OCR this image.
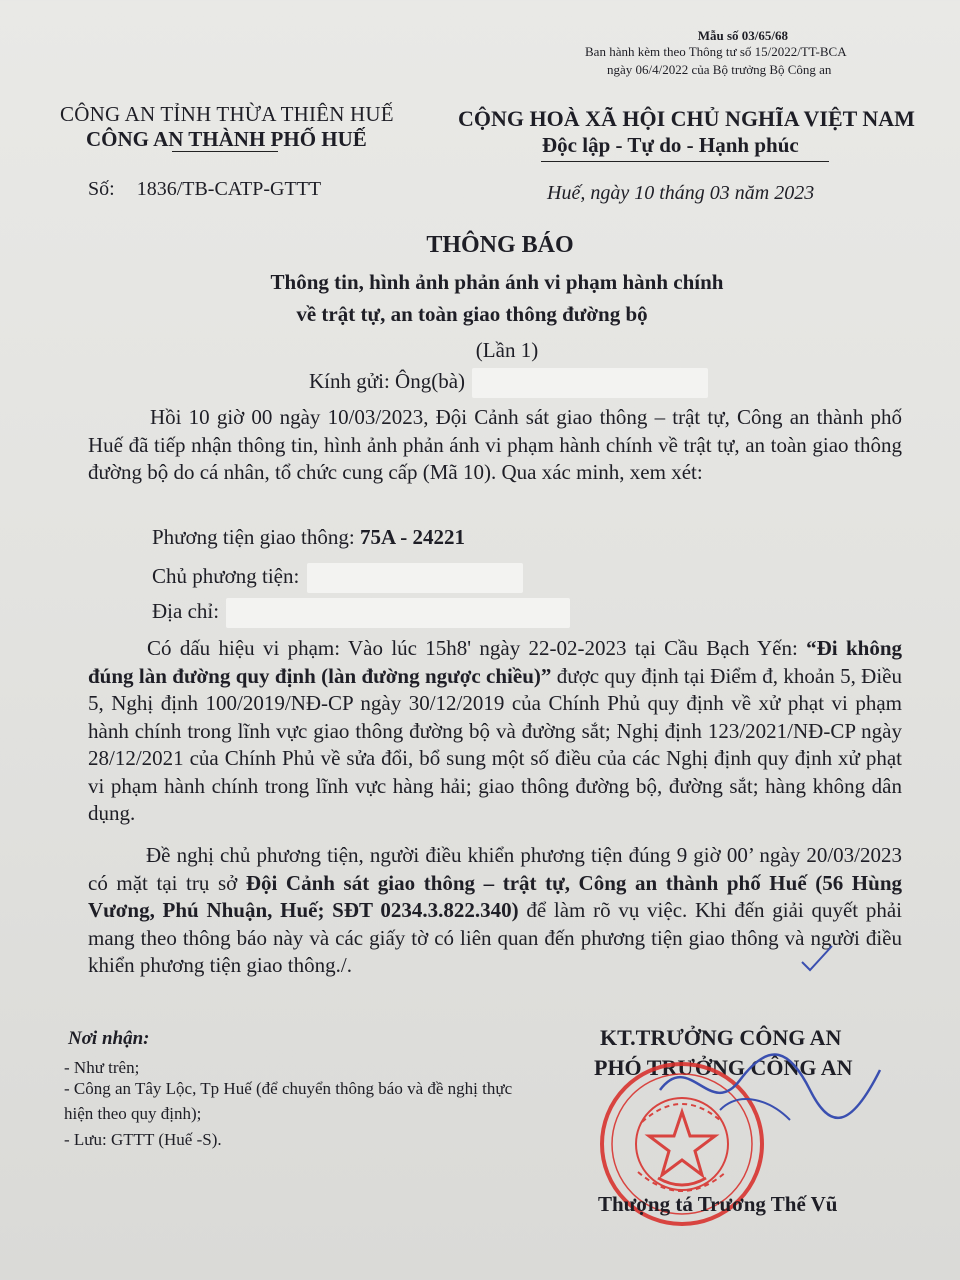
Mẫu số 03/65/68
Ban hành kèm theo Thông tư số 15/2022/TT-BCA
ngày 06/4/2022 của Bộ trưởng Bộ Công an
CÔNG AN TỈNH THỪA THIÊN HUẾ
CÔNG AN THÀNH PHỐ HUẾ
CỘNG HOÀ XÃ HỘI CHỦ NGHĨA VIỆT NAM
Độc lập - Tự do - Hạnh phúc
Số: 1836/TB-CATP-GTTT	Huế, ngày 10 tháng 03 năm 2023
THÔNG BÁO
Thông tin, hình ảnh phản ánh vi phạm hành chính
về trật tự, an toàn giao thông đường bộ
(Lần 1)
Kính gửi: Ông(bà)
Hồi 10 giờ 00 ngày 10/03/2023, Đội Cảnh sát giao thông – trật tự, Công an thành phố Huế đã tiếp nhận thông tin, hình ảnh phản ánh vi phạm hành chính về trật tự, an toàn giao thông đường bộ do cá nhân, tổ chức cung cấp (Mã 10). Qua xác minh, xem xét:
Phương tiện giao thông: 75A - 24221
Chủ phương tiện:
Địa chỉ:
Có dấu hiệu vi phạm: Vào lúc 15h8' ngày 22-02-2023 tại Cầu Bạch Yến: “Đi không đúng làn đường quy định (làn đường ngược chiều)” được quy định tại Điểm đ, khoản 5, Điều 5, Nghị định 100/2019/NĐ-CP ngày 30/12/2019 của Chính Phủ quy định về xử phạt vi phạm hành chính trong lĩnh vực giao thông đường bộ và đường sắt; Nghị định 123/2021/NĐ-CP ngày 28/12/2021 của Chính Phủ về sửa đổi, bổ sung một số điều của các Nghị định quy định xử phạt vi phạm hành chính trong lĩnh vực hàng hải; giao thông đường bộ, đường sắt; hàng không dân dụng.
Đề nghị chủ phương tiện, người điều khiển phương tiện đúng 9 giờ 00’ ngày 20/03/2023 có mặt tại trụ sở Đội Cảnh sát giao thông – trật tự, Công an thành phố Huế (56 Hùng Vương, Phú Nhuận, Huế; SĐT 0234.3.822.340) để làm rõ vụ việc. Khi đến giải quyết phải mang theo thông báo này và các giấy tờ có liên quan đến phương tiện giao thông và người điều khiển phương tiện giao thông./.
Nơi nhận:
- Như trên;
- Công an Tây Lộc, Tp Huế (để chuyển thông báo và đề nghị thực hiện theo quy định);
- Lưu: GTTT (Huế -S).
KT.TRƯỞNG CÔNG AN
PHÓ TRƯỞNG CÔNG AN
Thượng tá Trương Thế Vũ
